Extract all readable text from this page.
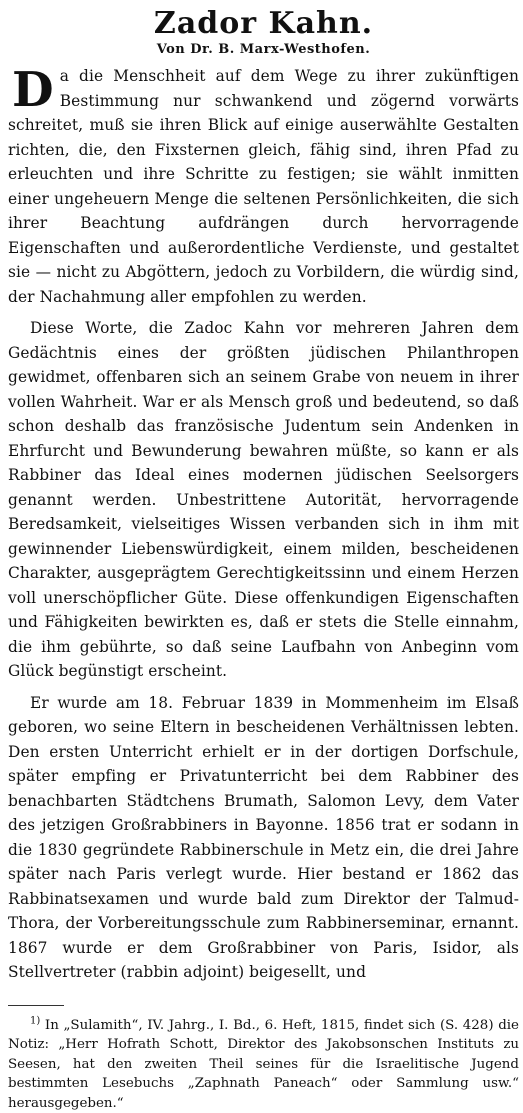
Zador Kahn.

Von Dr. B. Marx-Westhofen.

Da die Menschheit auf dem Wege zu ihrer zukünftigen Bestimmung nur schwankend und zögernd vorwärts schreitet, muß sie ihren Blick auf einige auserwählte Gestalten richten, die, den Fixsternen gleich, fähig sind, ihren Pfad zu erleuchten und ihre Schritte zu festigen; sie wählt inmitten einer ungeheuern Menge die seltenen Persönlichkeiten, die sich ihrer Beachtung aufdrängen durch hervorragende Eigenschaften und außerordentliche Verdienste, und gestaltet sie — nicht zu Abgöttern, jedoch zu Vorbildern, die würdig sind, der Nachahmung aller empfohlen zu werden.

Diese Worte, die Zadoc Kahn vor mehreren Jahren dem Gedächtnis eines der größten jüdischen Philanthropen gewidmet, offenbaren sich an seinem Grabe von neuem in ihrer vollen Wahrheit. War er als Mensch groß und bedeutend, so daß schon deshalb das französische Judentum sein Andenken in Ehrfurcht und Bewunderung bewahren müßte, so kann er als Rabbiner das Ideal eines modernen jüdischen Seelsorgers genannt werden. Unbestrittene Autorität, hervorragende Beredsamkeit, vielseitiges Wissen verbanden sich in ihm mit gewinnender Liebenswürdigkeit, einem milden, bescheidenen Charakter, ausgeprägtem Gerechtigkeitssinn und einem Herzen voll unerschöpflicher Güte. Diese offenkundigen Eigenschaften und Fähigkeiten bewirkten es, daß er stets die Stelle einnahm, die ihm gebührte, so daß seine Laufbahn von Anbeginn vom Glück begünstigt erscheint.

Er wurde am 18. Februar 1839 in Mommenheim im Elsaß geboren, wo seine Eltern in bescheidenen Verhältnissen lebten. Den ersten Unterricht erhielt er in der dortigen Dorfschule, später empfing er Privatunterricht bei dem Rabbiner des benachbarten Städtchens Brumath, Salomon Levy, dem Vater des jetzigen Großrabbiners in Bayonne. 1856 trat er sodann in die 1830 gegründete Rabbinerschule in Metz ein, die drei Jahre später nach Paris verlegt wurde. Hier bestand er 1862 das Rabbinatsexamen und wurde bald zum Direktor der Talmud-Thora, der Vorbereitungsschule zum Rabbinerseminar, ernannt. 1867 wurde er dem Großrabbiner von Paris, Isidor, als Stellvertreter (rabbin adjoint) beigesellt, und

$^{1)}$ In „Sulamith“, IV. Jahrg., I. Bd., 6. Heft, 1815, findet sich (S. 428) die Notiz: „Herr Hofrath Schott, Direktor des Jakobsonschen Instituts zu Seesen, hat den zweiten Theil seines für die Israelitische Jugend bestimmten Lesebuchs „Zaphnath Paneach“ oder Sammlung usw.“ herausgegeben.“
